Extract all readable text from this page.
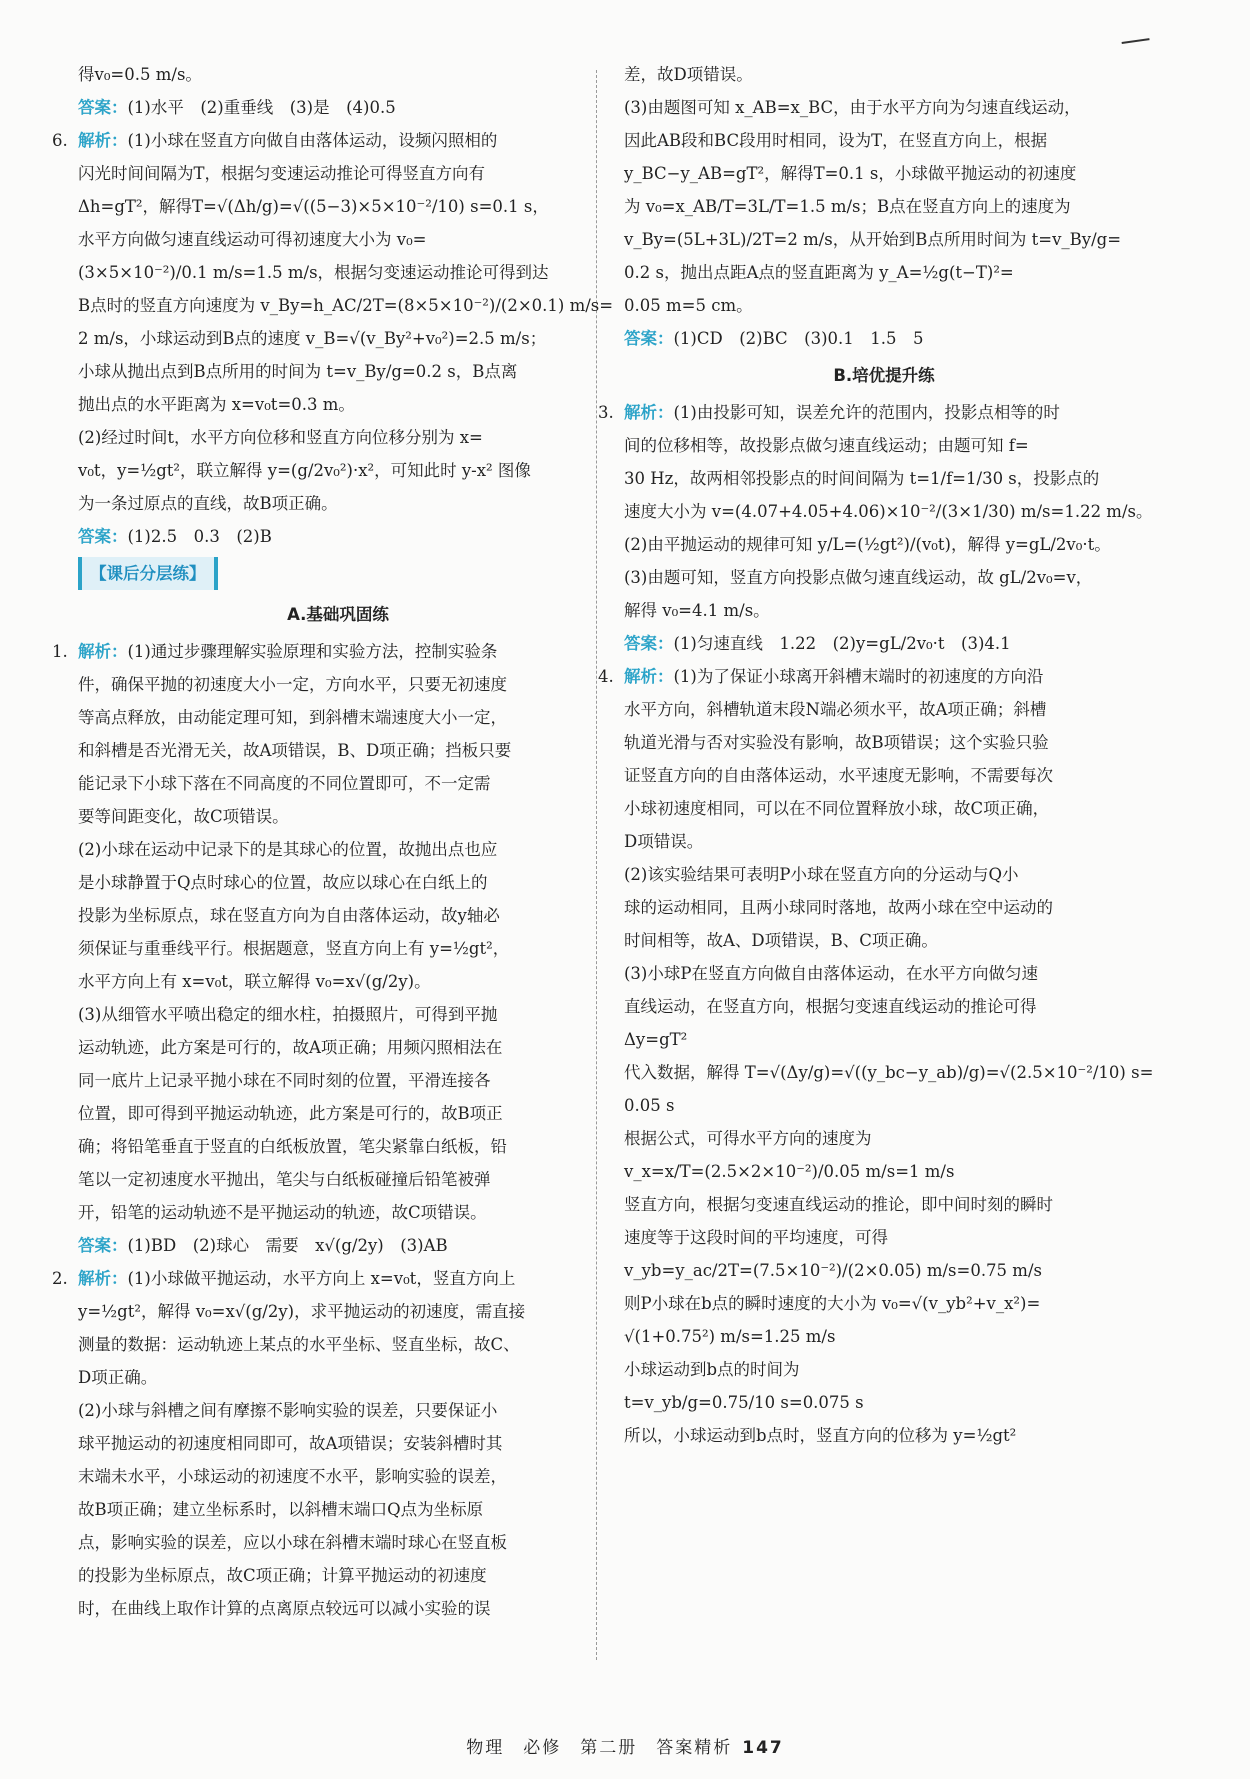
得v₀=0.5 m/s。
答案：(1)水平　(2)重垂线　(3)是　(4)0.5
6. 解析：(1)小球在竖直方向做自由落体运动，设频闪照相的
闪光时间间隔为T，根据匀变速运动推论可得竖直方向有
Δh=gT²，解得T=√(Δh/g)=√((5−3)×5×10⁻²/10) s=0.1 s，
水平方向做匀速直线运动可得初速度大小为 v₀=
(3×5×10⁻²)/0.1 m/s=1.5 m/s，根据匀变速运动推论可得到达
B点时的竖直方向速度为 v_By=h_AC/2T=(8×5×10⁻²)/(2×0.1) m/s=
2 m/s，小球运动到B点的速度 v_B=√(v_By²+v₀²)=2.5 m/s；
小球从抛出点到B点所用的时间为 t=v_By/g=0.2 s，B点离
抛出点的水平距离为 x=v₀t=0.3 m。
(2)经过时间t，水平方向位移和竖直方向位移分别为 x=
v₀t，y=½gt²，联立解得 y=(g/2v₀²)·x²，可知此时 y-x² 图像
为一条过原点的直线，故B项正确。
答案：(1)2.5　0.3　(2)B
【课后分层练】
A.基础巩固练
1. 解析：(1)通过步骤理解实验原理和实验方法，控制实验条
件，确保平抛的初速度大小一定，方向水平，只要无初速度
等高点释放，由动能定理可知，到斜槽末端速度大小一定，
和斜槽是否光滑无关，故A项错误，B、D项正确；挡板只要
能记录下小球下落在不同高度的不同位置即可，不一定需
要等间距变化，故C项错误。
(2)小球在运动中记录下的是其球心的位置，故抛出点也应
是小球静置于Q点时球心的位置，故应以球心在白纸上的
投影为坐标原点，球在竖直方向为自由落体运动，故y轴必
须保证与重垂线平行。根据题意，竖直方向上有 y=½gt²，
水平方向上有 x=v₀t，联立解得 v₀=x√(g/2y)。
(3)从细管水平喷出稳定的细水柱，拍摄照片，可得到平抛
运动轨迹，此方案是可行的，故A项正确；用频闪照相法在
同一底片上记录平抛小球在不同时刻的位置，平滑连接各
位置，即可得到平抛运动轨迹，此方案是可行的，故B项正
确；将铅笔垂直于竖直的白纸板放置，笔尖紧靠白纸板，铅
笔以一定初速度水平抛出，笔尖与白纸板碰撞后铅笔被弹
开，铅笔的运动轨迹不是平抛运动的轨迹，故C项错误。
答案：(1)BD　(2)球心　需要　x√(g/2y)　(3)AB
2. 解析：(1)小球做平抛运动，水平方向上 x=v₀t，竖直方向上
y=½gt²，解得 v₀=x√(g/2y)，求平抛运动的初速度，需直接
测量的数据：运动轨迹上某点的水平坐标、竖直坐标，故C、
D项正确。
(2)小球与斜槽之间有摩擦不影响实验的误差，只要保证小
球平抛运动的初速度相同即可，故A项错误；安装斜槽时其
末端未水平，小球运动的初速度不水平，影响实验的误差，
故B项正确；建立坐标系时，以斜槽末端口Q点为坐标原
点，影响实验的误差，应以小球在斜槽末端时球心在竖直板
的投影为坐标原点，故C项正确；计算平抛运动的初速度
时，在曲线上取作计算的点离原点较远可以减小实验的误
差，故D项错误。
(3)由题图可知 x_AB=x_BC，由于水平方向为匀速直线运动，
因此AB段和BC段用时相同，设为T，在竖直方向上，根据
y_BC−y_AB=gT²，解得T=0.1 s，小球做平抛运动的初速度
为 v₀=x_AB/T=3L/T=1.5 m/s；B点在竖直方向上的速度为
v_By=(5L+3L)/2T=2 m/s，从开始到B点所用时间为 t=v_By/g=
0.2 s，抛出点距A点的竖直距离为 y_A=½g(t−T)²=
0.05 m=5 cm。
答案：(1)CD　(2)BC　(3)0.1　1.5　5
B.培优提升练
3. 解析：(1)由投影可知，误差允许的范围内，投影点相等的时
间的位移相等，故投影点做匀速直线运动；由题可知 f=
30 Hz，故两相邻投影点的时间间隔为 t=1/f=1/30 s，投影点的
速度大小为 v=(4.07+4.05+4.06)×10⁻²/(3×1/30) m/s=1.22 m/s。
(2)由平抛运动的规律可知 y/L=(½gt²)/(v₀t)，解得 y=gL/2v₀·t。
(3)由题可知，竖直方向投影点做匀速直线运动，故 gL/2v₀=v，
解得 v₀=4.1 m/s。
答案：(1)匀速直线　1.22　(2)y=gL/2v₀·t　(3)4.1
4. 解析：(1)为了保证小球离开斜槽末端时的初速度的方向沿
水平方向，斜槽轨道末段N端必须水平，故A项正确；斜槽
轨道光滑与否对实验没有影响，故B项错误；这个实验只验
证竖直方向的自由落体运动，水平速度无影响，不需要每次
小球初速度相同，可以在不同位置释放小球，故C项正确，
D项错误。
(2)该实验结果可表明P小球在竖直方向的分运动与Q小
球的运动相同，且两小球同时落地，故两小球在空中运动的
时间相等，故A、D项错误，B、C项正确。
(3)小球P在竖直方向做自由落体运动，在水平方向做匀速
直线运动，在竖直方向，根据匀变速直线运动的推论可得
Δy=gT²
代入数据，解得 T=√(Δy/g)=√((y_bc−y_ab)/g)=√(2.5×10⁻²/10) s=
0.05 s
根据公式，可得水平方向的速度为
v_x=x/T=(2.5×2×10⁻²)/0.05 m/s=1 m/s
竖直方向，根据匀变速直线运动的推论，即中间时刻的瞬时
速度等于这段时间的平均速度，可得
v_yb=y_ac/2T=(7.5×10⁻²)/(2×0.05) m/s=0.75 m/s
则P小球在b点的瞬时速度的大小为 v₀=√(v_yb²+v_x²)=
√(1+0.75²) m/s=1.25 m/s
小球运动到b点的时间为
t=v_yb/g=0.75/10 s=0.075 s
所以，小球运动到b点时，竖直方向的位移为 y=½gt²
物理　必修　第二册　答案精析 147
